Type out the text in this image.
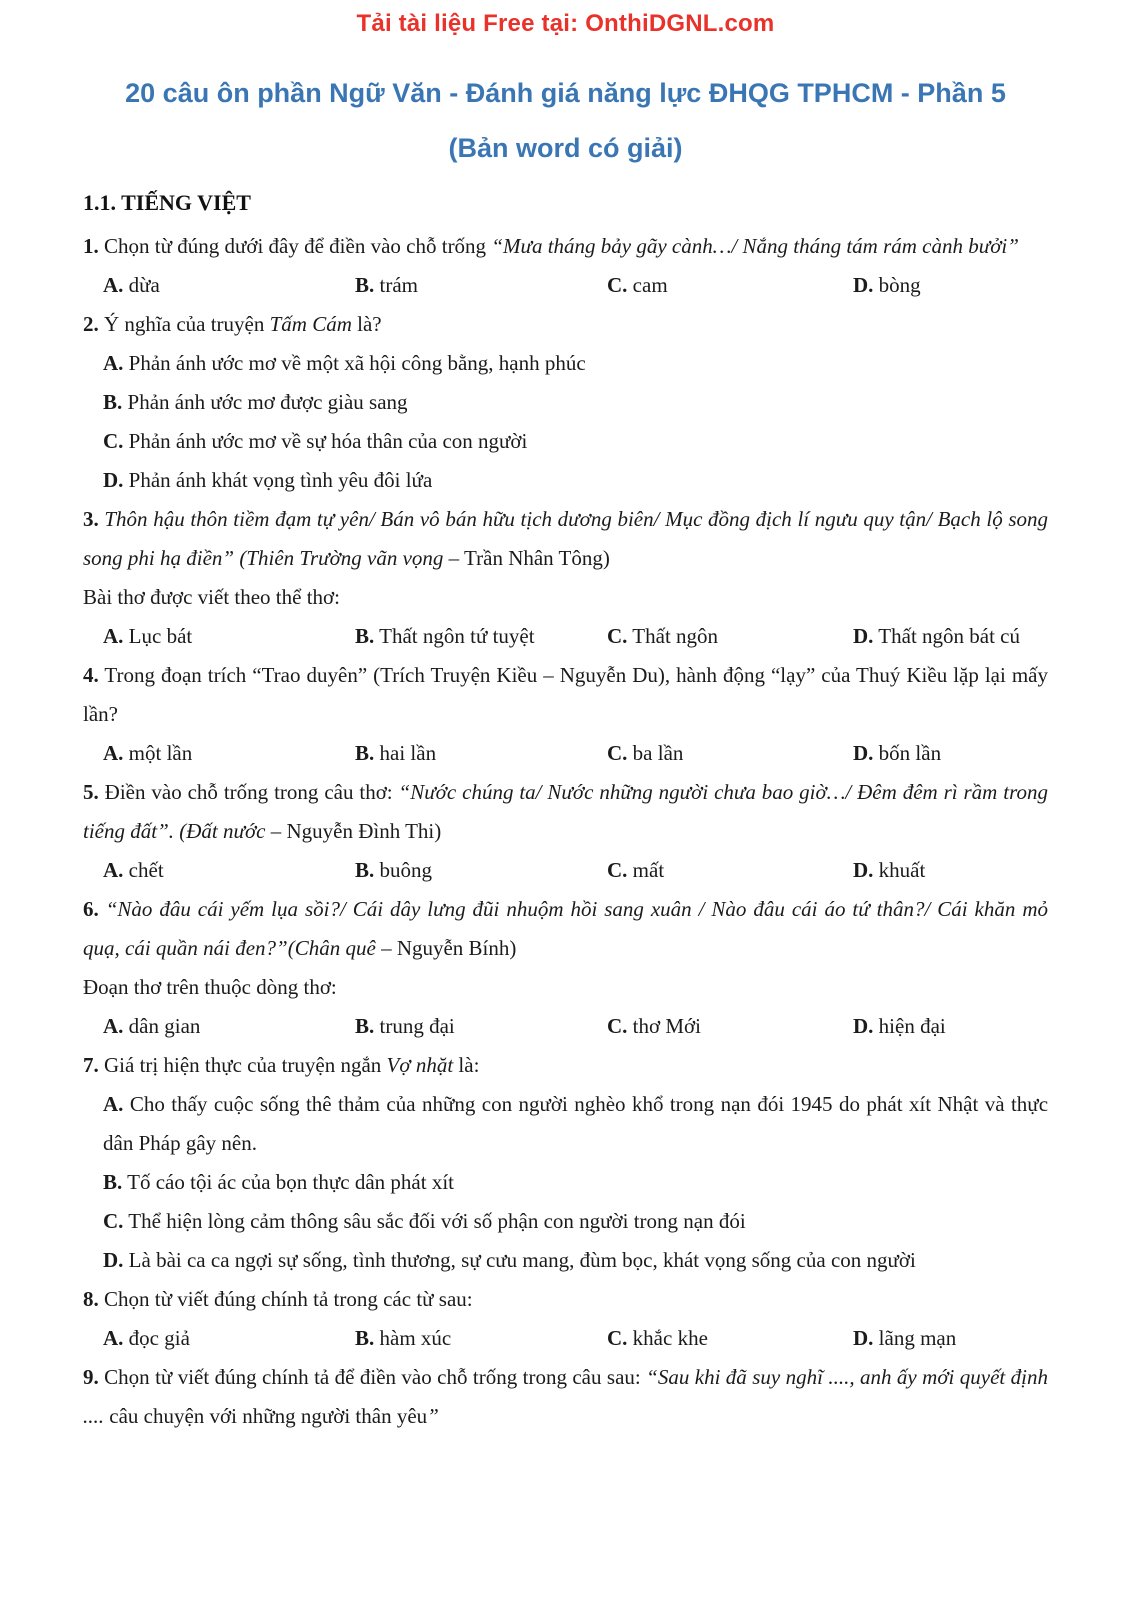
Tải tài liệu Free tại: OnthiDGNL.com
20 câu ôn phần Ngữ Văn - Đánh giá năng lực ĐHQG TPHCM - Phần 5
(Bản word có giải)
1.1. TIẾNG VIỆT

1. Chọn từ đúng dưới đây để điền vào chỗ trống “Mưa tháng bảy gãy cành…/ Nắng tháng tám rám cành bưởi”

A. dừa	B. trám	C. cam	D. bòng

2. Ý nghĩa của truyện Tấm Cám là?

A. Phản ánh ước mơ về một xã hội công bằng, hạnh phúc

B. Phản ánh ước mơ được giàu sang

C. Phản ánh ước mơ về sự hóa thân của con người

D. Phản ánh khát vọng tình yêu đôi lứa

3. Thôn hậu thôn tiềm đạm tự yên/ Bán vô bán hữu tịch dương biên/ Mục đồng địch lí ngưu quy tận/ Bạch lộ song song phi hạ điền” (Thiên Trường vãn vọng – Trần Nhân Tông)

Bài thơ được viết theo thể thơ:

A. Lục bát	B. Thất ngôn tứ tuyệt	C. Thất ngôn	D. Thất ngôn bát cú

4. Trong đoạn trích “Trao duyên” (Trích Truyện Kiều – Nguyễn Du), hành động “lạy” của Thuý Kiều lặp lại mấy lần?

A. một lần	B. hai lần	C. ba lần	D. bốn lần

5. Điền vào chỗ trống trong câu thơ: “Nước chúng ta/ Nước những người chưa bao giờ…/ Đêm đêm rì rầm trong tiếng đất”. (Đất nước – Nguyễn Đình Thi)

A. chết	B. buông	C. mất	D. khuất

6. “Nào đâu cái yếm lụa sồi?/ Cái dây lưng đũi nhuộm hồi sang xuân / Nào đâu cái áo tứ thân?/ Cái khăn mỏ quạ, cái quần nái đen?”(Chân quê – Nguyễn Bính)

Đoạn thơ trên thuộc dòng thơ:

A. dân gian	B. trung đại	C. thơ Mới	D. hiện đại

7. Giá trị hiện thực của truyện ngắn Vợ nhặt là:

A. Cho thấy cuộc sống thê thảm của những con người nghèo khổ trong nạn đói 1945 do phát xít Nhật và thực dân Pháp gây nên.

B. Tố cáo tội ác của bọn thực dân phát xít

C. Thể hiện lòng cảm thông sâu sắc đối với số phận con người trong nạn đói

D. Là bài ca ca ngợi sự sống, tình thương, sự cưu mang, đùm bọc, khát vọng sống của con người

8. Chọn từ viết đúng chính tả trong các từ sau:

A. đọc giả	B. hàm xúc	C. khắc khe	D. lãng mạn

9. Chọn từ viết đúng chính tả để điền vào chỗ trống trong câu sau: “Sau khi đã suy nghĩ ...., anh ấy mới quyết định .... câu chuyện với những người thân yêu”
